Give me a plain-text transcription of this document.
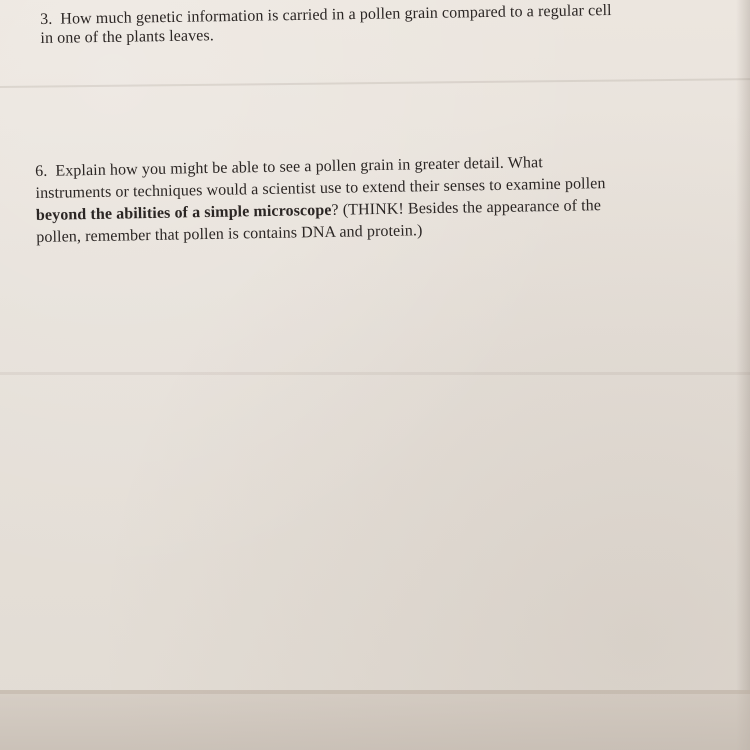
3. How much genetic information is carried in a pollen grain compared to a regular cell
in one of the plants leaves.
6. Explain how you might be able to see a pollen grain in greater detail. What
instruments or techniques would a scientist use to extend their senses to examine pollen
beyond the abilities of a simple microscope? (THINK! Besides the appearance of the
pollen, remember that pollen is contains DNA and protein.)
